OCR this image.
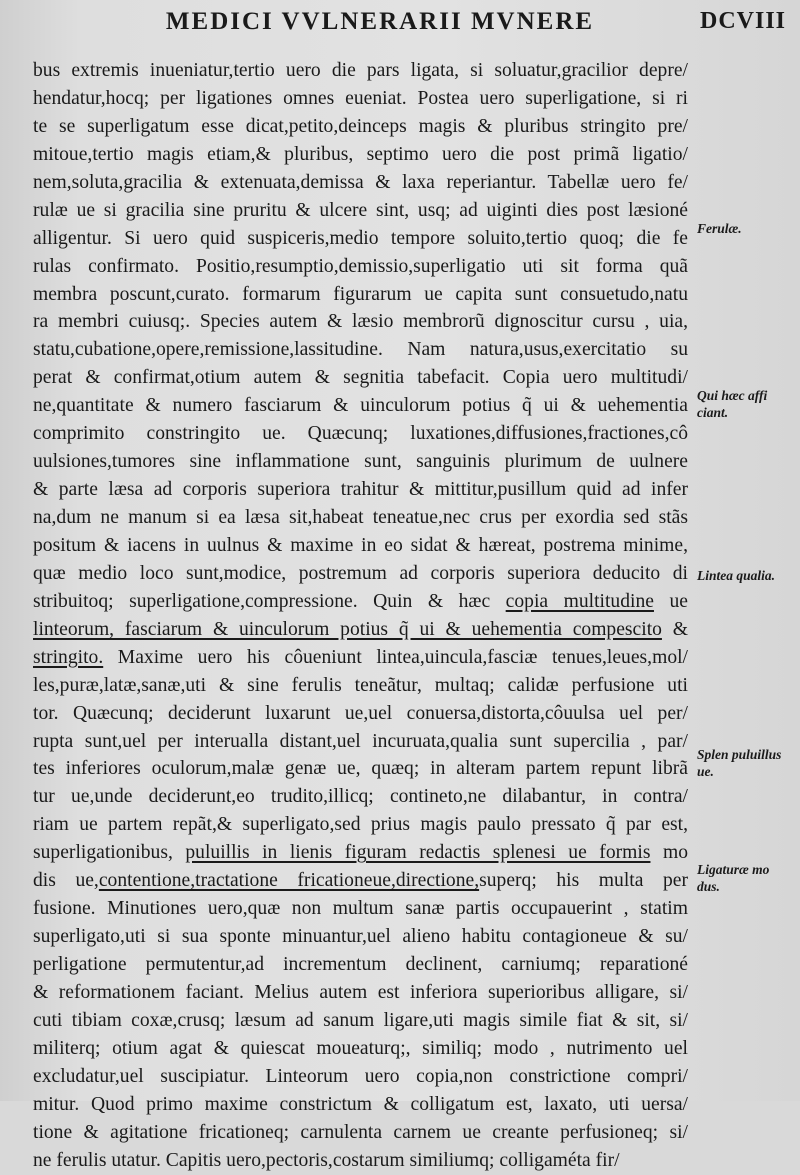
MEDICI VVLNERARII MVNERE	DCVIII
bus extremis inueniatur,tertio uero die pars ligata, si soluatur,gracilior depre/
hendatur,hocq; per ligationes omnes eueniat. Postea uero superligatione, si ri
te se superligatum esse dicat,petito,deinceps magis & pluribus stringito pre/
mitoue,tertio magis etiam,& pluribus, septimo uero die post primã ligatio/
nem,soluta,gracilia & extenuata,demissa & laxa reperiantur. Tabellæ uero fe/
rulæ ue si gracilia sine pruritu & ulcere sint, usq; ad uiginti dies post læsioné
alligentur. Si uero quid suspiceris,medio tempore soluito,tertio quoq; die fe
rulas confirmato. Positio,resumptio,demissio,superligatio uti sit forma quã
membra poscunt,curato. formarum figurarum ue capita sunt consuetudo,natu
ra membri cuiusq;. Species autem & læsio membrorũ dignoscitur cursu , uia,
statu,cubatione,opere,remissione,lassitudine. Nam natura,usus,exercitatio su
perat & confirmat,otium autem & segnitia tabefacit. Copia uero multitudi/
ne,quantitate & numero fasciarum & uinculorum potius q̃ ui & uehementia
comprimito constringito ue. Quæcunq; luxationes,diffusiones,fractiones,cô
uulsiones,tumores sine inflammatione sunt, sanguinis plurimum de uulnere
& parte læsa ad corporis superiora trahitur & mittitur,pusillum quid ad infer
na,dum ne manum si ea læsa sit,habeat teneatue,nec crus per exordia sed stãs
positum & iacens in uulnus & maxime in eo sidat & hæreat, postrema minime,
quæ medio loco sunt,modice, postremum ad corporis superiora deducito di
stribuitoq; superligatione,compressione. Quin & hæc copia multitudine ue
linteorum, fasciarum & uinculorum potius q̃ ui & uehementia compescito &
stringito. Maxime uero his côueniunt lintea,uincula,fasciæ tenues,leues,mol/
les,puræ,latæ,sanæ,uti & sine ferulis teneãtur, multaq; calidæ perfusione uti
tor. Quæcunq; deciderunt luxarunt ue,uel conuersa,distorta,côuulsa uel per/
rupta sunt,uel per interualla distant,uel incuruata,qualia sunt supercilia , par/
tes inferiores oculorum,malæ genæ ue, quæq; in alteram partem repunt librã
tur ue,unde deciderunt,eo trudito,illicq; contineto,ne dilabantur, in contra/
riam ue partem repãt,& superligato,sed prius magis paulo pressato q̃ par est,
superligationibus, puluillis in lienis figuram redactis splenesi ue formis mo
dis ue,contentione,tractatione fricationeue,directione,superq; his multa per
fusione. Minutiones uero,quæ non multum sanæ partis occupauerint , statim
superligato,uti si sua sponte minuantur,uel alieno habitu contagioneue & su/
perligatione permutentur,ad incrementum declinent, carniumq; reparationé
& reformationem faciant. Melius autem est inferiora superioribus alligare, si/
cuti tibiam coxæ,crusq; læsum ad sanum ligare,uti magis simile fiat & sit, si/
militerq; otium agat & quiescat moueaturq;, similiq; modo , nutrimento uel
excludatur,uel suscipiatur. Linteorum uero copia,non constrictione compri/
mitur. Quod primo maxime constrictum & colligatum est, laxato, uti uersa/
tione & agitatione fricationeq; carnulenta carnem ue creante perfusioneq; si/
ne ferulis utatur. Capitis uero,pectoris,costarum similiumq; colligaméta fir/
Ferulæ.
Qui hæc affi ciant.
Lintea qualia.
Splen puluillus ue.
Ligaturæ mo dus.
